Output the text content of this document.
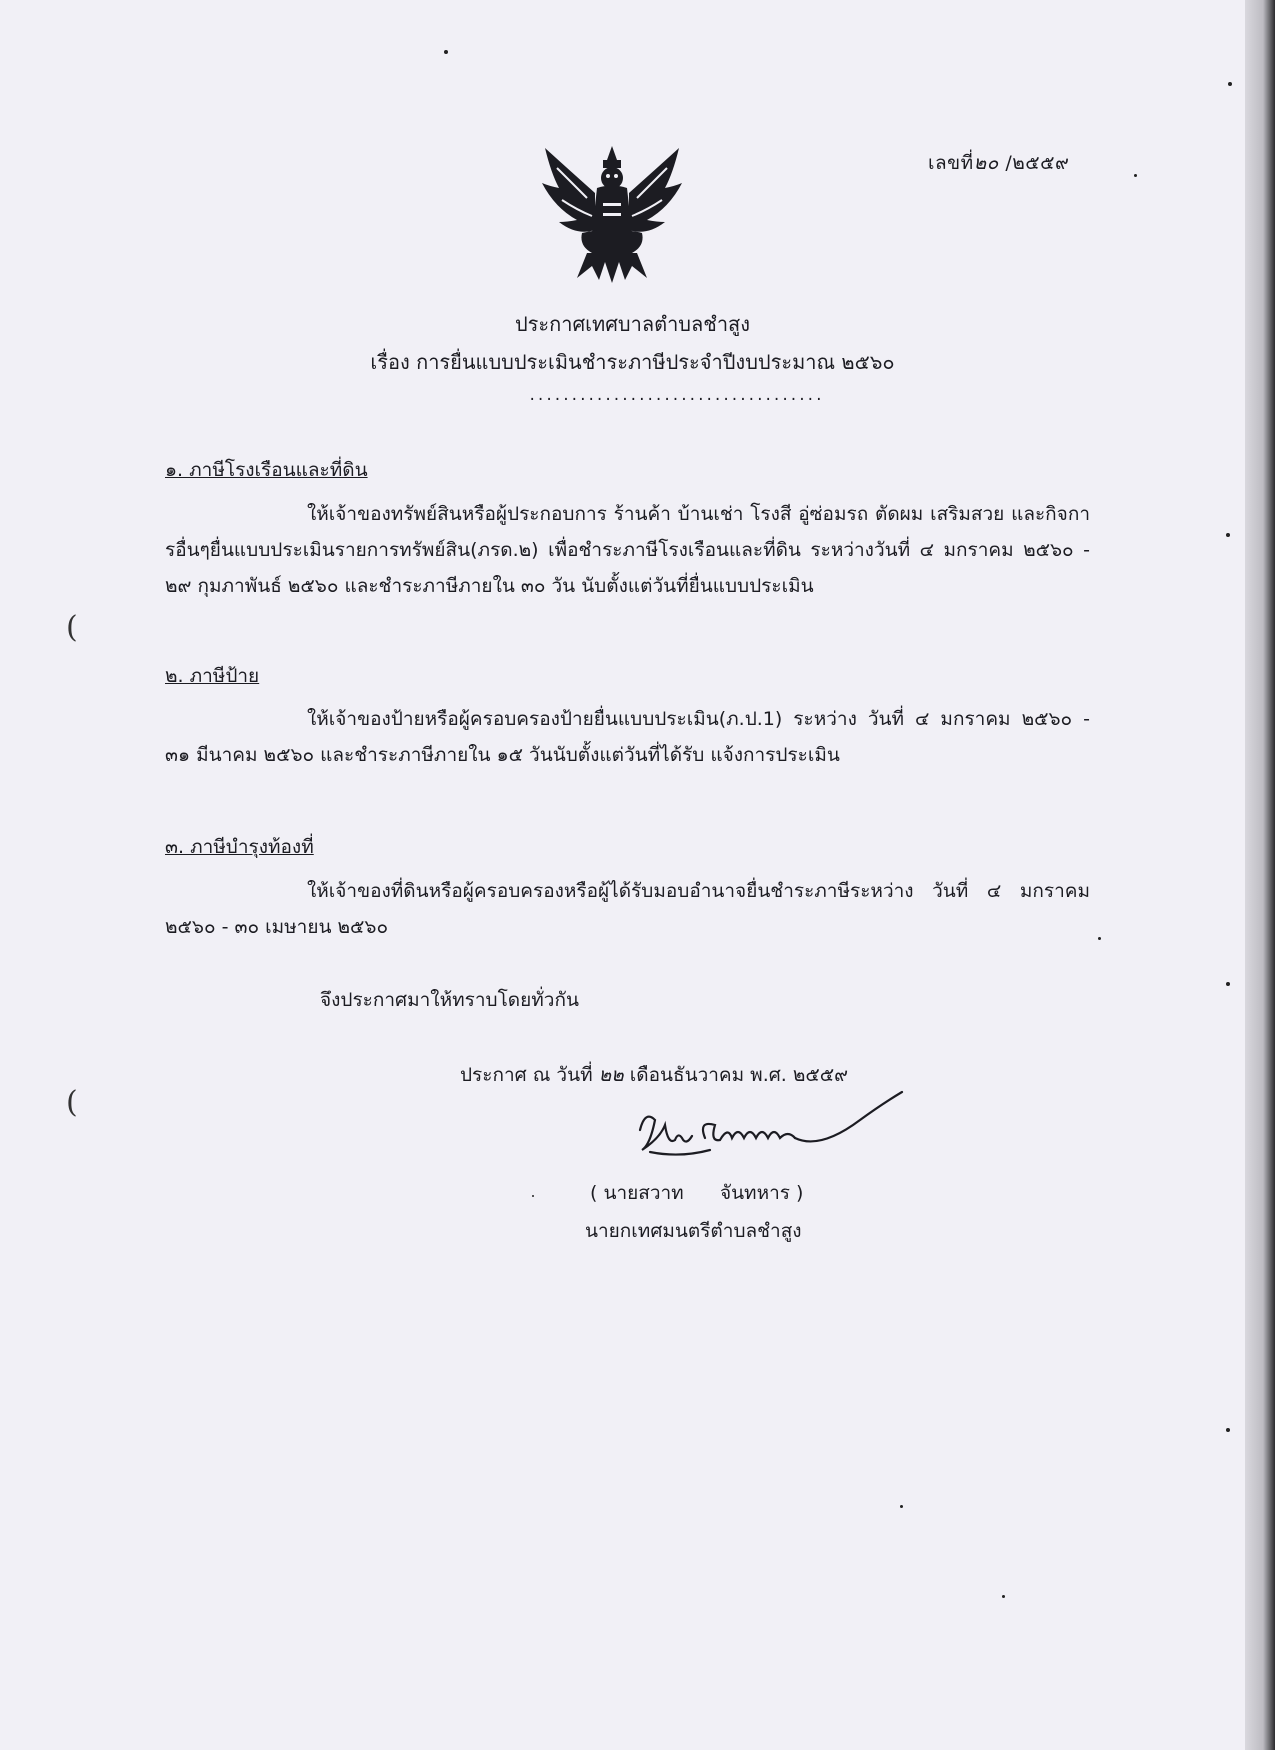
เลขที่๒๐ /๒๕๕๙
ประกาศเทศบาลตำบลชำสูง
เรื่อง การยื่นแบบประเมินชำระภาษีประจำปีงบประมาณ ๒๕๖๐
...................................
๑. ภาษีโรงเรือนและที่ดิน
ให้เจ้าของทรัพย์สินหรือผู้ประกอบการ ร้านค้า บ้านเช่า โรงสี อู่ซ่อมรถ ตัดผม เสริมสวย และกิจการอื่นๆยื่นแบบประเมินรายการทรัพย์สิน(ภรด.๒) เพื่อชำระภาษีโรงเรือนและที่ดิน ระหว่างวันที่ ๔ มกราคม ๒๕๖๐ - ๒๙ กุมภาพันธ์ ๒๕๖๐ และชำระภาษีภายใน ๓๐ วัน นับตั้งแต่วันที่ยื่นแบบประเมิน
๒. ภาษีป้าย
ให้เจ้าของป้ายหรือผู้ครอบครองป้ายยื่นแบบประเมิน(ภ.ป.1) ระหว่าง วันที่ ๔ มกราคม ๒๕๖๐ - ๓๑ มีนาคม ๒๕๖๐ และชำระภาษีภายใน ๑๕ วันนับตั้งแต่วันที่ได้รับ แจ้งการประเมิน
๓. ภาษีบำรุงท้องที่
ให้เจ้าของที่ดินหรือผู้ครอบครองหรือผู้ได้รับมอบอำนาจยื่นชำระภาษีระหว่าง วันที่ ๔ มกราคม ๒๕๖๐ - ๓๐ เมษายน ๒๕๖๐
จึงประกาศมาให้ทราบโดยทั่วกัน
ประกาศ ณ วันที่ ๒๒ เดือนธันวาคม พ.ศ. ๒๕๕๙
( นายสวาท      จันทหาร )
นายกเทศมนตรีตำบลชำสูง
(
(
